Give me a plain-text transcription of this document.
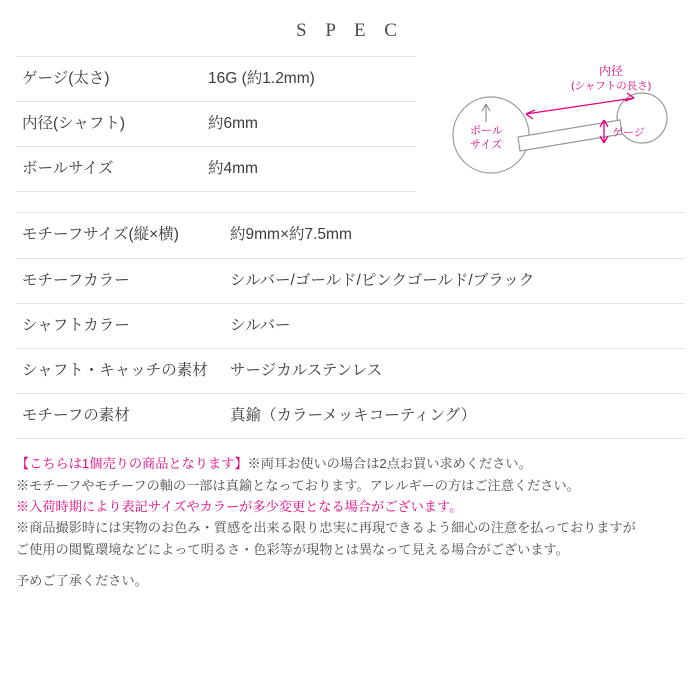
S P E C
内径
(シャフトの長さ)
ボール
サイズ
ゲージ
ゲージ(太さ)	16G (約1.2mm)
内径(シャフト)	約6mm
ボールサイズ	約4mm
モチーフサイズ(縦×横)	約9mm×約7.5mm
モチーフカラー	シルバー/ゴールド/ピンクゴールド/ブラック
シャフトカラー	シルバー
シャフト・キャッチの素材	サージカルステンレス
モチーフの素材	真鍮（カラーメッキコーティング）
【こちらは1個売りの商品となります】※両耳お使いの場合は2点お買い求めください。
※モチーフやモチーフの軸の一部は真鍮となっております。アレルギーの方はご注意ください。
※入荷時期により表記サイズやカラーが多少変更となる場合がございます。
※商品撮影時には実物のお色み・質感を出来る限り忠実に再現できるよう細心の注意を払っておりますが
ご使用の閲覧環境などによって明るさ・色彩等が現物とは異なって見える場合がございます。
予めご了承ください。
